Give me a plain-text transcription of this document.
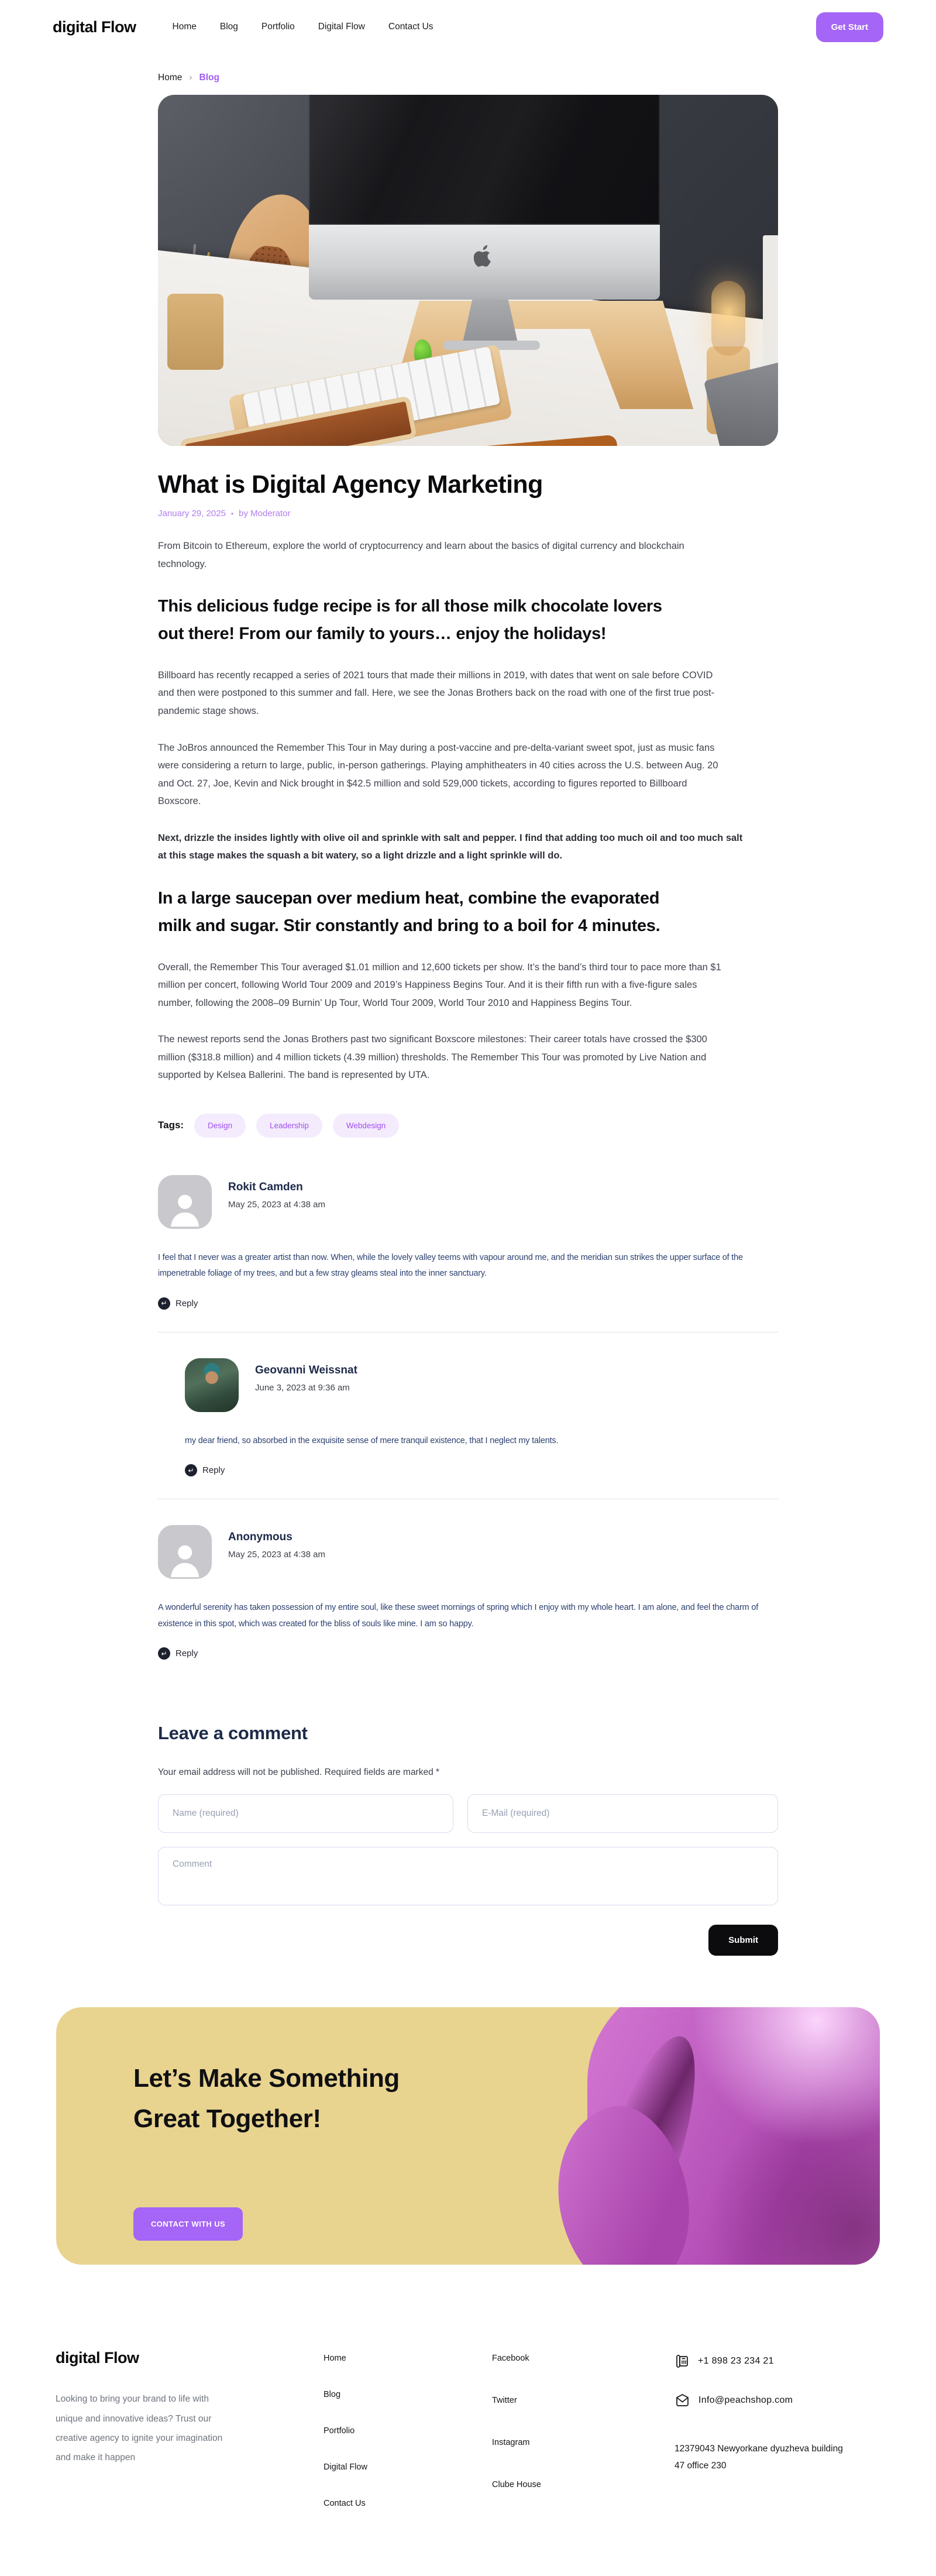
digital Flow	Home	Blog	Portfolio	Digital Flow	Contact Us	Get Start
Home › Blog
What is Digital Agency Marketing
January 29, 2025 • by Moderator

From Bitcoin to Ethereum, explore the world of cryptocurrency and learn about the basics of digital currency and blockchain technology.

This delicious fudge recipe is for all those milk chocolate lovers out there! From our family to yours… enjoy the holidays!

Billboard has recently recapped a series of 2021 tours that made their millions in 2019, with dates that went on sale before COVID and then were postponed to this summer and fall. Here, we see the Jonas Brothers back on the road with one of the first true post-pandemic stage shows.

The JoBros announced the Remember This Tour in May during a post-vaccine and pre-delta-variant sweet spot, just as music fans were considering a return to large, public, in-person gatherings. Playing amphitheaters in 40 cities across the U.S. between Aug. 20 and Oct. 27, Joe, Kevin and Nick brought in $42.5 million and sold 529,000 tickets, according to figures reported to Billboard Boxscore.

Next, drizzle the insides lightly with olive oil and sprinkle with salt and pepper. I find that adding too much oil and too much salt at this stage makes the squash a bit watery, so a light drizzle and a light sprinkle will do.

In a large saucepan over medium heat, combine the evaporated milk and sugar. Stir constantly and bring to a boil for 4 minutes.

Overall, the Remember This Tour averaged $1.01 million and 12,600 tickets per show. It’s the band’s third tour to pace more than $1 million per concert, following World Tour 2009 and 2019’s Happiness Begins Tour. And it is their fifth run with a five-figure sales number, following the 2008–09 Burnin’ Up Tour, World Tour 2009, World Tour 2010 and Happiness Begins Tour.

The newest reports send the Jonas Brothers past two significant Boxscore milestones: Their career totals have crossed the $300 million ($318.8 million) and 4 million tickets (4.39 million) thresholds. The Remember This Tour was promoted by Live Nation and supported by Kelsea Ballerini. The band is represented by UTA.

Tags:	Design	Leadership	Webdesign
Rokit Camden
May 25, 2023 at 4:38 am

I feel that I never was a greater artist than now. When, while the lovely valley teems with vapour around me, and the meridian sun strikes the upper surface of the impenetrable foliage of my trees, and but a few stray gleams steal into the inner sanctuary.

↵ Reply
Geovanni Weissnat
June 3, 2023 at 9:36 am

my dear friend, so absorbed in the exquisite sense of mere tranquil existence, that I neglect my talents.

↵ Reply
Anonymous
May 25, 2023 at 4:38 am

A wonderful serenity has taken possession of my entire soul, like these sweet mornings of spring which I enjoy with my whole heart. I am alone, and feel the charm of existence in this spot, which was created for the bliss of souls like mine. I am so happy.

↵ Reply
Leave a comment

Your email address will not be published. Required fields are marked *

Name (required)
E-Mail (required)
Comment
Submit
Let’s Make Something Great Together!
CONTACT WITH US
digital Flow

Looking to bring your brand to life with unique and innovative ideas? Trust our creative agency to ignite your imagination and make it happen

Home
Blog
Portfolio
Digital Flow
Contact Us
Facebook
Twitter
Instagram
Clube House
+1 898 23 234 21
Info@peachshop.com
12379043 Newyorkane dyuzheva building 47 office 230
